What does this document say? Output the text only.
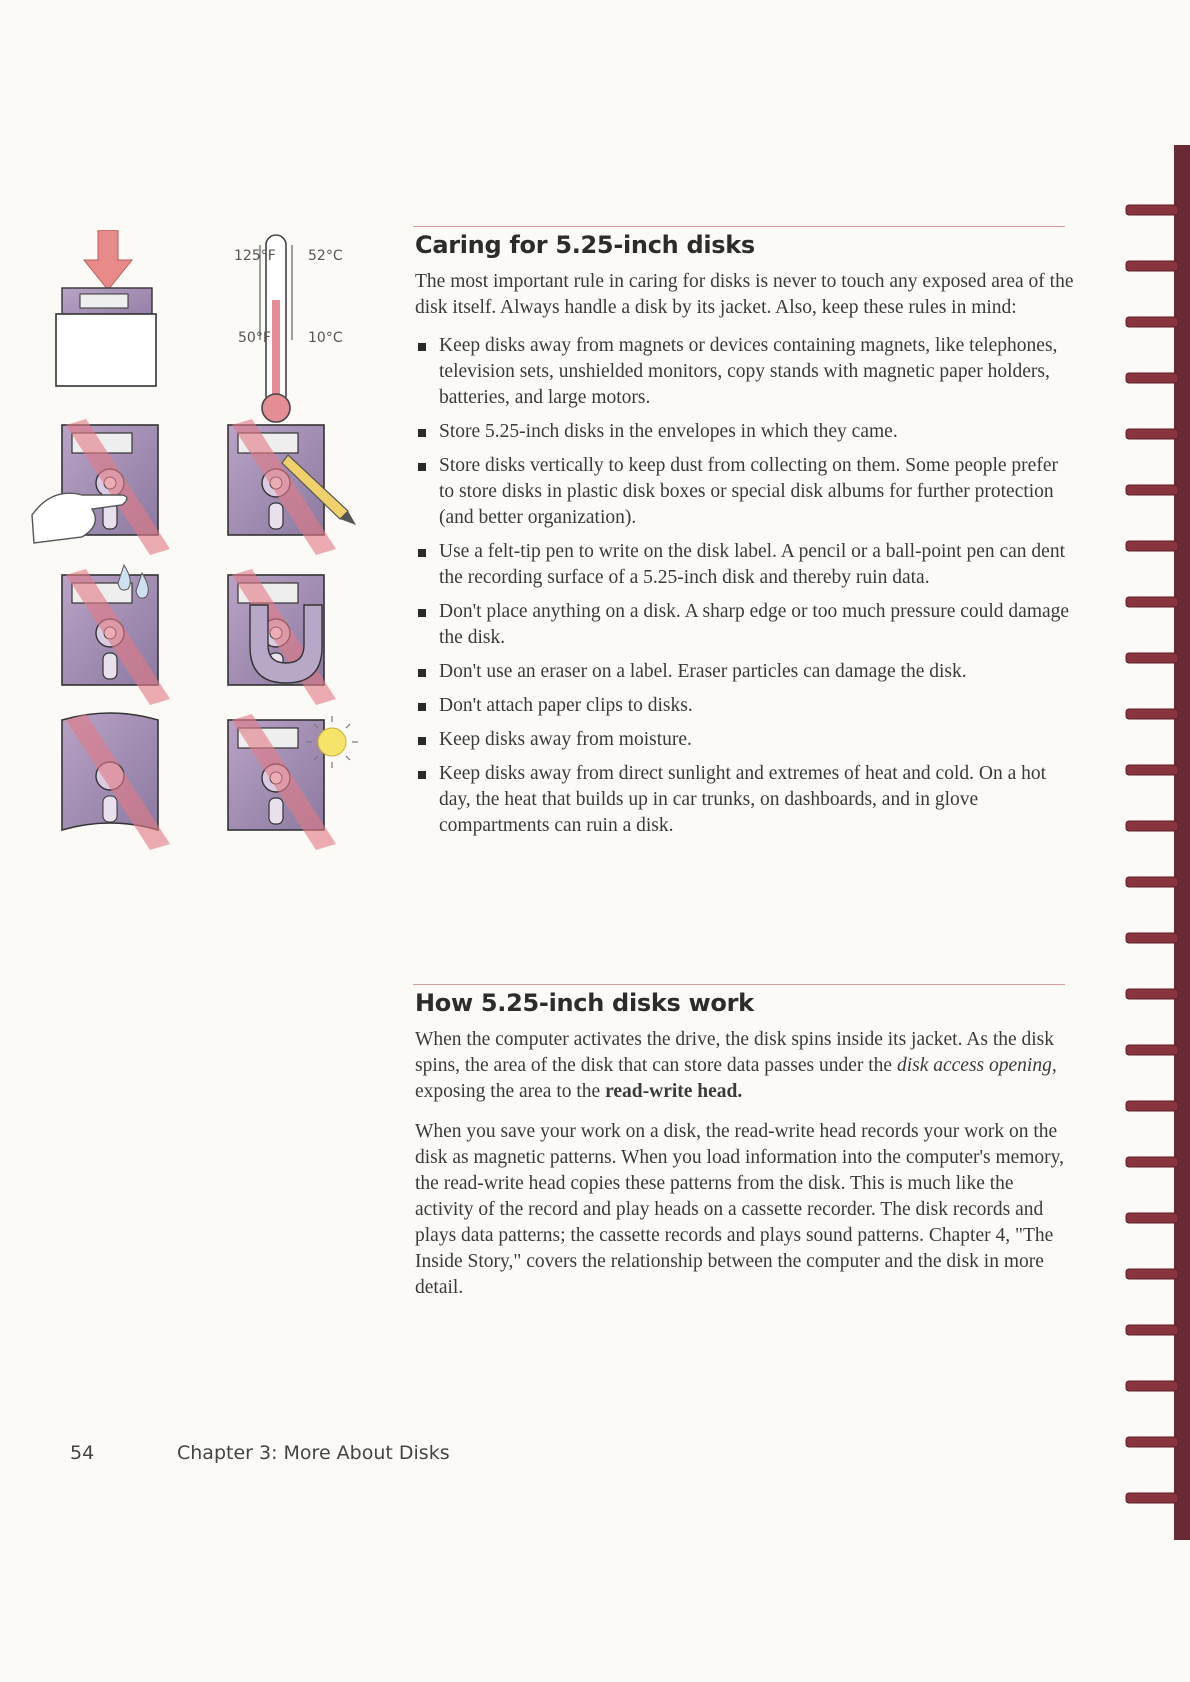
125°F 52°C
50°F	10°C
Caring for 5.25-inch disks

The most important rule in caring for disks is never to touch any exposed area of the disk itself. Always handle a disk by its jacket. Also, keep these rules in mind:

Keep disks away from magnets or devices containing magnets, like telephones, television sets, unshielded monitors, copy stands with magnetic paper holders, batteries, and large motors.
Store 5.25-inch disks in the envelopes in which they came.
Store disks vertically to keep dust from collecting on them. Some people prefer to store disks in plastic disk boxes or special disk albums for further protection (and better organization).
Use a felt-tip pen to write on the disk label. A pencil or a ball-point pen can dent the recording surface of a 5.25-inch disk and thereby ruin data.
Don't place anything on a disk. A sharp edge or too much pressure could damage the disk.
Don't use an eraser on a label. Eraser particles can damage the disk.
Don't attach paper clips to disks.
Keep disks away from moisture.
Keep disks away from direct sunlight and extremes of heat and cold. On a hot day, the heat that builds up in car trunks, on dashboards, and in glove compartments can ruin a disk.
How 5.25-inch disks work

When the computer activates the drive, the disk spins inside its jacket. As the disk spins, the area of the disk that can store data passes under the disk access opening, exposing the area to the read-write head.

When you save your work on a disk, the read-write head records your work on the disk as magnetic patterns. When you load information into the computer's memory, the read-write head copies these patterns from the disk. This is much like the activity of the record and play heads on a cassette recorder. The disk records and plays data patterns; the cassette records and plays sound patterns. Chapter 4, "The Inside Story," covers the relationship between the computer and the disk in more detail.

54	Chapter 3: More About Disks
